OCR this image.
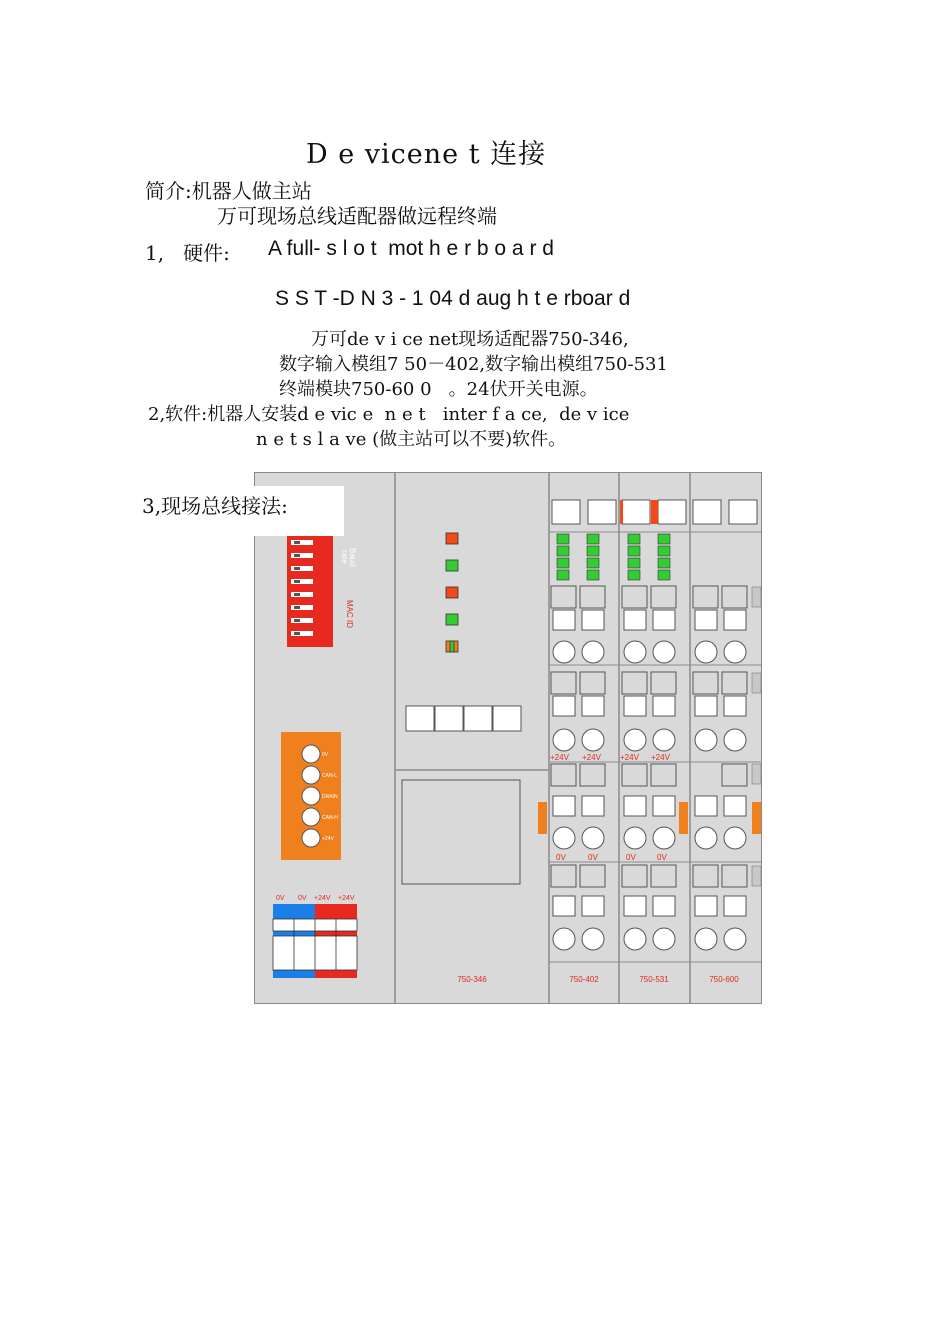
D e vicene t 连接
简介:机器人做主站
万可现场总线适配器做远程终端
1,   硬件: A full- s l o t  mot h e r b o a r d
S S T -D N 3 - 1 04 d aug h t e rboar d
万可de v i ce net现场适配器750-346,
数字输入模组7 50－402,数字输出模组750-531
终端模块750-60 0   。24伏开关电源。
2,软件:机器人安装d e vic e  n e t   inter f a ce,  de v ice
n e t s l a ve (做主站可以不要)软件。
Baud
rate
MAC ID
0V
CAN-L
DRAIN
CAN-H
+24V
0V 0V +24V +24V
+24V +24V +24V +24V
0V	0V	0V	0V
750-346	750-402	750-531	750-600
3,现场总线接法:
